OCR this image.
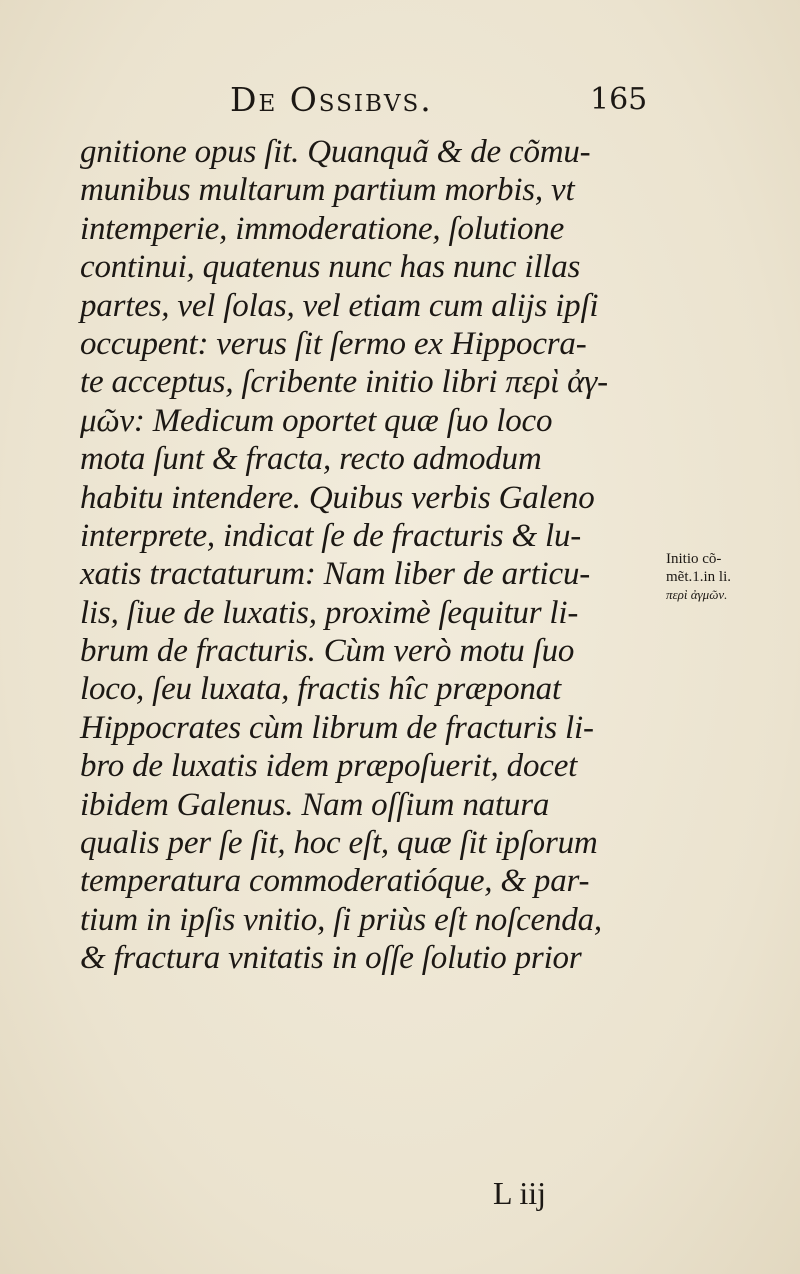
De Ossibvs.	165
gnitione opus ſit. Quanquã & de cõmu-
munibus multarum partium morbis, vt
intemperie, immoderatione, ſolutione
continui, quatenus nunc has nunc illas
partes, vel ſolas, vel etiam cum alijs ipſi
occupent: verus ſit ſermo ex Hippocra-
te acceptus, ſcribente initio libri περὶ ἀγ-
μῶν: Medicum oportet quæ ſuo loco
mota ſunt & fracta, recto admodum
habitu intendere. Quibus verbis Galeno
interprete, indicat ſe de fracturis & lu-
xatis tractaturum: Nam liber de articu-
lis, ſiue de luxatis, proximè ſequitur li-
brum de fracturis. Cùm verò motu ſuo
loco, ſeu luxata, fractis hîc præponat
Hippocrates cùm librum de fracturis li-
bro de luxatis idem præpoſuerit, docet
ibidem Galenus. Nam oſſium natura
qualis per ſe ſit, hoc eſt, quæ ſit ipſorum
temperatura commoderatióque, & par-
tium in ipſis vnitio, ſi priùs eſt noſcenda,
& fractura vnitatis in oſſe ſolutio prior
Initio cõ-
mẽt.1.in li.
περὶ ἀγμῶν.
L iij
